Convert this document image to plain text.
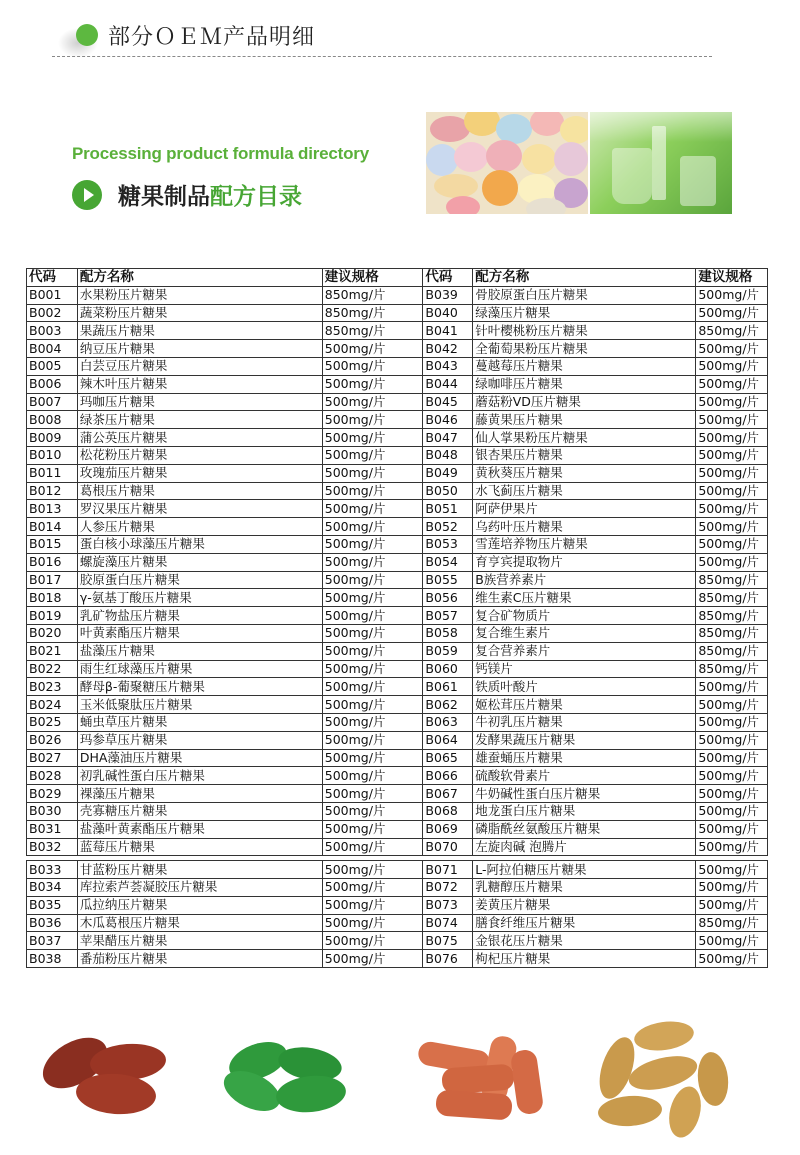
部分ＯＥＭ产品明细
Processing product formula directory
糖果制品配方目录
代码	配方名称	建议规格	代码	配方名称	建议规格
B001	水果粉压片糖果	850mg/片	B039	骨胶原蛋白压片糖果	500mg/片
B002	蔬菜粉压片糖果	850mg/片	B040	绿藻压片糖果	500mg/片
B003	果蔬压片糖果	850mg/片	B041	针叶樱桃粉压片糖果	850mg/片
B004	纳豆压片糖果	500mg/片	B042	全葡萄果粉压片糖果	500mg/片
B005	白芸豆压片糖果	500mg/片	B043	蔓越莓压片糖果	500mg/片
B006	辣木叶压片糖果	500mg/片	B044	绿咖啡压片糖果	500mg/片
B007	玛咖压片糖果	500mg/片	B045	蘑菇粉VD压片糖果	500mg/片
B008	绿茶压片糖果	500mg/片	B046	藤黄果压片糖果	500mg/片
B009	蒲公英压片糖果	500mg/片	B047	仙人掌果粉压片糖果	500mg/片
B010	松花粉压片糖果	500mg/片	B048	银杏果压片糖果	500mg/片
B011	玫瑰茄压片糖果	500mg/片	B049	黄秋葵压片糖果	500mg/片
B012	葛根压片糖果	500mg/片	B050	水飞蓟压片糖果	500mg/片
B013	罗汉果压片糖果	500mg/片	B051	阿萨伊果片	500mg/片
B014	人参压片糖果	500mg/片	B052	乌药叶压片糖果	500mg/片
B015	蛋白核小球藻压片糖果	500mg/片	B053	雪莲培养物压片糖果	500mg/片
B016	螺旋藻压片糖果	500mg/片	B054	育亨宾提取物片	500mg/片
B017	胶原蛋白压片糖果	500mg/片	B055	B族营养素片	850mg/片
B018	γ-氨基丁酸压片糖果	500mg/片	B056	维生素C压片糖果	850mg/片
B019	乳矿物盐压片糖果	500mg/片	B057	复合矿物质片	850mg/片
B020	叶黄素酯压片糖果	500mg/片	B058	复合维生素片	850mg/片
B021	盐藻压片糖果	500mg/片	B059	复合营养素片	850mg/片
B022	雨生红球藻压片糖果	500mg/片	B060	钙镁片	850mg/片
B023	酵母β-葡聚糖压片糖果	500mg/片	B061	铁质叶酸片	500mg/片
B024	玉米低聚肽压片糖果	500mg/片	B062	姬松茸压片糖果	500mg/片
B025	蛹虫草压片糖果	500mg/片	B063	牛初乳压片糖果	500mg/片
B026	玛参草压片糖果	500mg/片	B064	发酵果蔬压片糖果	500mg/片
B027	DHA藻油压片糖果	500mg/片	B065	雄蚕蛹压片糖果	500mg/片
B028	初乳碱性蛋白压片糖果	500mg/片	B066	硫酸软骨素片	500mg/片
B029	裸藻压片糖果	500mg/片	B067	牛奶碱性蛋白压片糖果	500mg/片
B030	壳寡糖压片糖果	500mg/片	B068	地龙蛋白压片糖果	500mg/片
B031	盐藻叶黄素酯压片糖果	500mg/片	B069	磷脂酰丝氨酸压片糖果	500mg/片
B032	蓝莓压片糖果	500mg/片	B070	左旋肉碱 泡腾片	500mg/片

B033	甘蓝粉压片糖果	500mg/片	B071	L-阿拉伯糖压片糖果	500mg/片
B034	库拉索芦荟凝胶压片糖果	500mg/片	B072	乳糖醇压片糖果	500mg/片
B035	瓜拉纳压片糖果	500mg/片	B073	姜黄压片糖果	500mg/片
B036	木瓜葛根压片糖果	500mg/片	B074	膳食纤维压片糖果	850mg/片
B037	苹果醋压片糖果	500mg/片	B075	金银花压片糖果	500mg/片
B038	番茄粉压片糖果	500mg/片	B076	枸杞压片糖果	500mg/片
